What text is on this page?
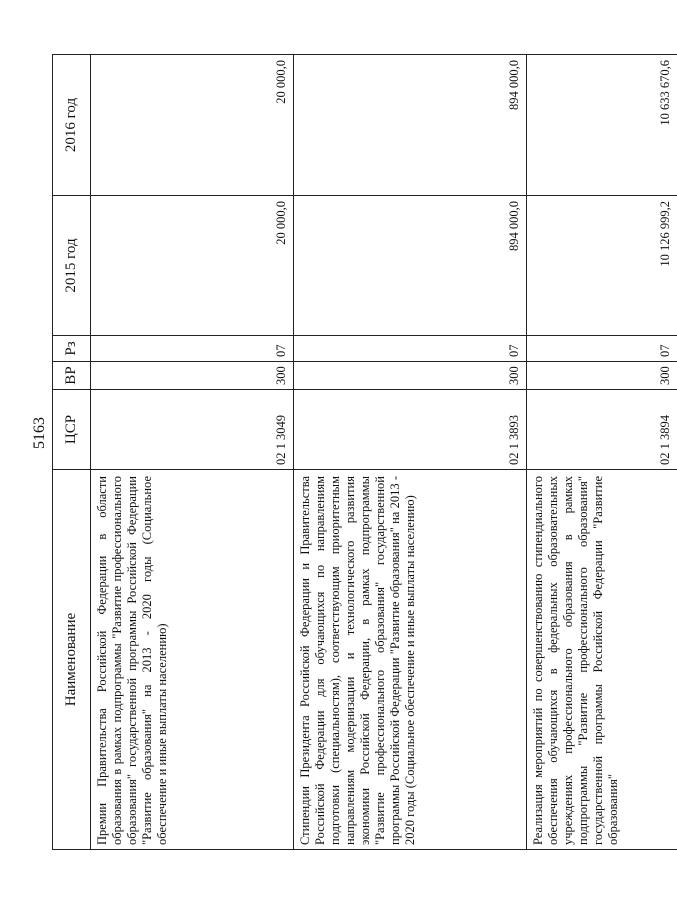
5163
Наименование	ЦСР	ВР	Рз	2015 год	2016 год
Премии Правительства Российской Федерации в области образования в рамках подпрограммы "Развитие профессионального образования" государственной программы Российской Федерации "Развитие образования" на 2013 - 2020 годы (Социальное обеспечение и иные выплаты населению)	02 1 3049	300	07	20 000,0	20 000,0
Стипендии Президента Российской Федерации и Правительства Российской Федерации для обучающихся по направлениям подготовки (специальностям), соответствующим приоритетным направлениям модернизации и технологического развития экономики Российской Федерации, в рамках подпрограммы "Развитие профессионального образования" государственной программы Российской Федерации "Развитие образования" на 2013 - 2020 годы (Социальное обеспечение и иные выплаты населению)	02 1 3893	300	07	894 000,0	894 000,0
Реализация мероприятий по совершенствованию стипендиального обеспечения обучающихся в федеральных образовательных учреждениях профессионального образования в рамках подпрограммы "Развитие профессионального образования" государственной программы Российской Федерации "Развитие образования"	02 1 3894	300	07	10 126 999,2	10 633 670,6
